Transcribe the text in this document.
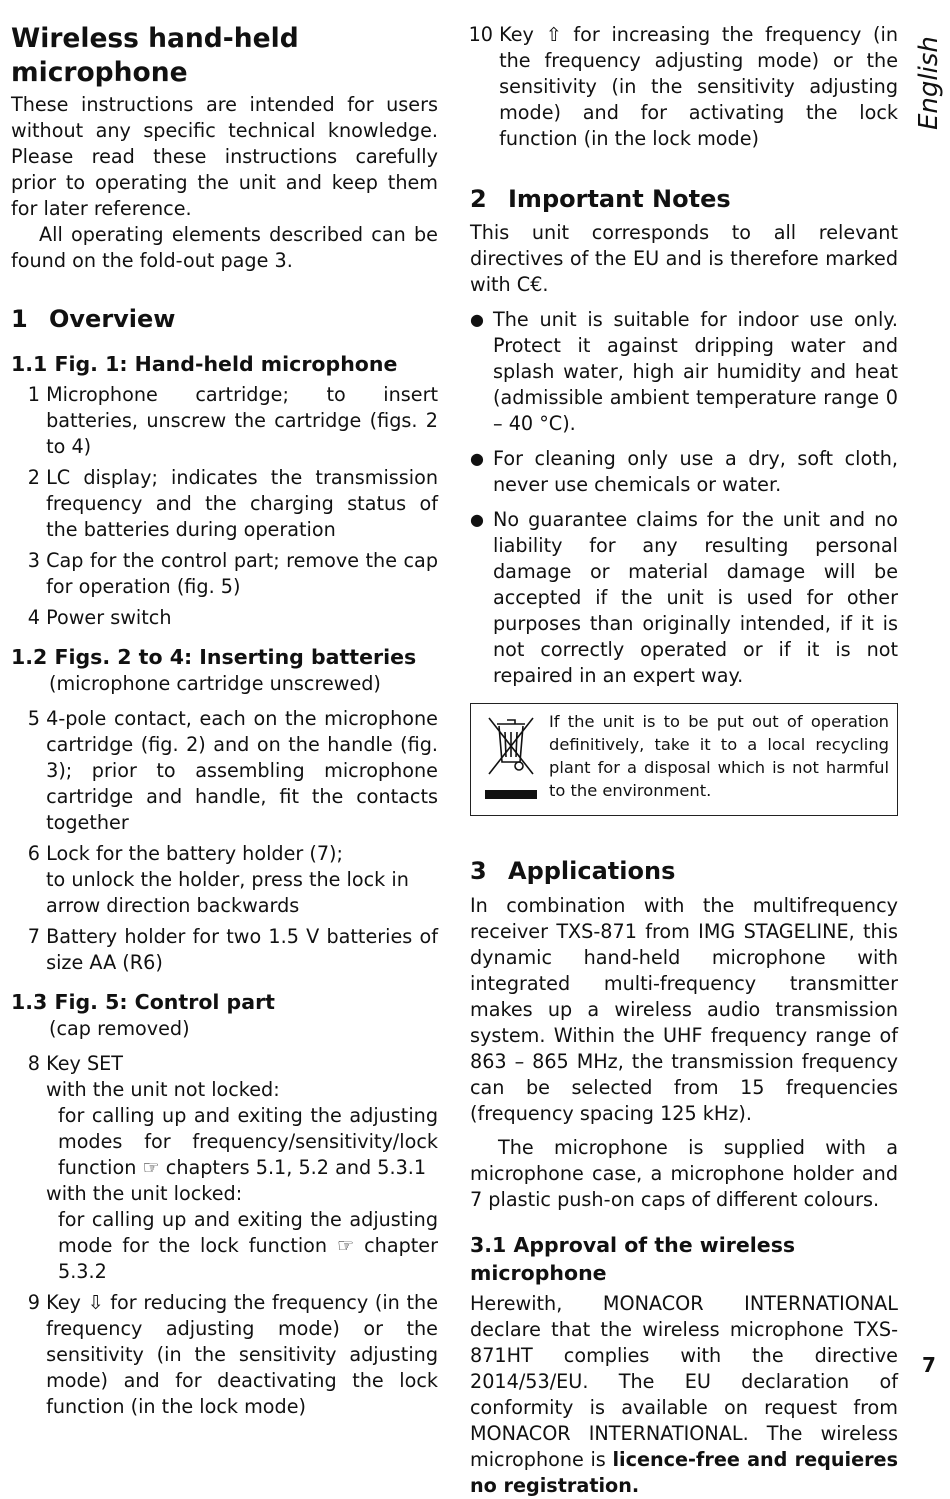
Wireless hand-held microphone

These instructions are intended for users without any specific technical knowledge. Please read these instructions carefully prior to operating the unit and keep them for later reference.

All operating elements described can be found on the fold-out page 3.

1 Overview
1.1 Fig. 1: Hand-held microphone
1
Microphone cartridge; to insert batteries, unscrew the cartridge (figs. 2 to 4)
2
LC display; indicates the transmission frequency and the charging status of the batteries during operation
3
Cap for the control part; remove the cap for operation (fig. 5)
4
Power switch
1.2 Figs. 2 to 4: Inserting batteries
(microphone cartridge unscrewed)
5
4-pole contact, each on the microphone cartridge (fig. 2) and on the handle (fig. 3); prior to assembling microphone cartridge and handle, fit the contacts together
6
Lock for the battery holder (7);
to unlock the holder, press the lock in arrow direction backwards
7
Battery holder for two 1.5 V batteries of size AA (R6)
1.3 Fig. 5: Control part
(cap removed)
8
Key SET
with the unit not locked:
for calling up and exiting the adjusting modes for frequency/sensitivity/lock function ☞ chapters 5.1, 5.2 and 5.3.1
with the unit locked:
for calling up and exiting the adjusting mode for the lock function ☞ chapter 5.3.2
9
Key ⇩ for reducing the frequency (in the frequency adjusting mode) or the sensitivity (in the sensitivity adjusting mode) and for deactivating the lock function (in the lock mode)
10
Key ⇧ for increasing the frequency (in the frequency adjusting mode) or the sensitivity (in the sensitivity adjusting mode) and for activating the lock function (in the lock mode)
2 Important Notes

This unit corresponds to all relevant directives of the EU and is therefore marked with C€.

● The unit is suitable for indoor use only. Protect it against dripping water and splash water, high air humidity and heat (admissible ambient temperature range 0 – 40 °C).
● For cleaning only use a dry, soft cloth, never use chemicals or water.
● No guarantee claims for the unit and no liability for any resulting personal damage or material damage will be accepted if the unit is used for other purposes than originally intended, if it is not correctly operated or if it is not repaired in an expert way.
If the unit is to be put out of operation definitively, take it to a local recycling plant for a disposal which is not harmful to the environment.
3 Applications

In combination with the multifrequency receiver TXS-871 from IMG STAGELINE, this dynamic hand-held microphone with integrated multi-frequency transmitter makes up a wireless audio transmission system. Within the UHF frequency range of 863 – 865 MHz, the transmission frequency can be selected from 15 frequencies (frequency spacing 125 kHz).

The microphone is supplied with a microphone case, a microphone holder and 7 plastic push-on caps of different colours.

3.1 Approval of the wireless microphone

Herewith, MONACOR INTERNATIONAL declare that the wireless microphone TXS-871HT complies with the directive 2014/53/EU. The EU declaration of conformity is available on request from MONACOR INTERNATIONAL. The wireless microphone is licence-free and requieres no registration.

English
7
